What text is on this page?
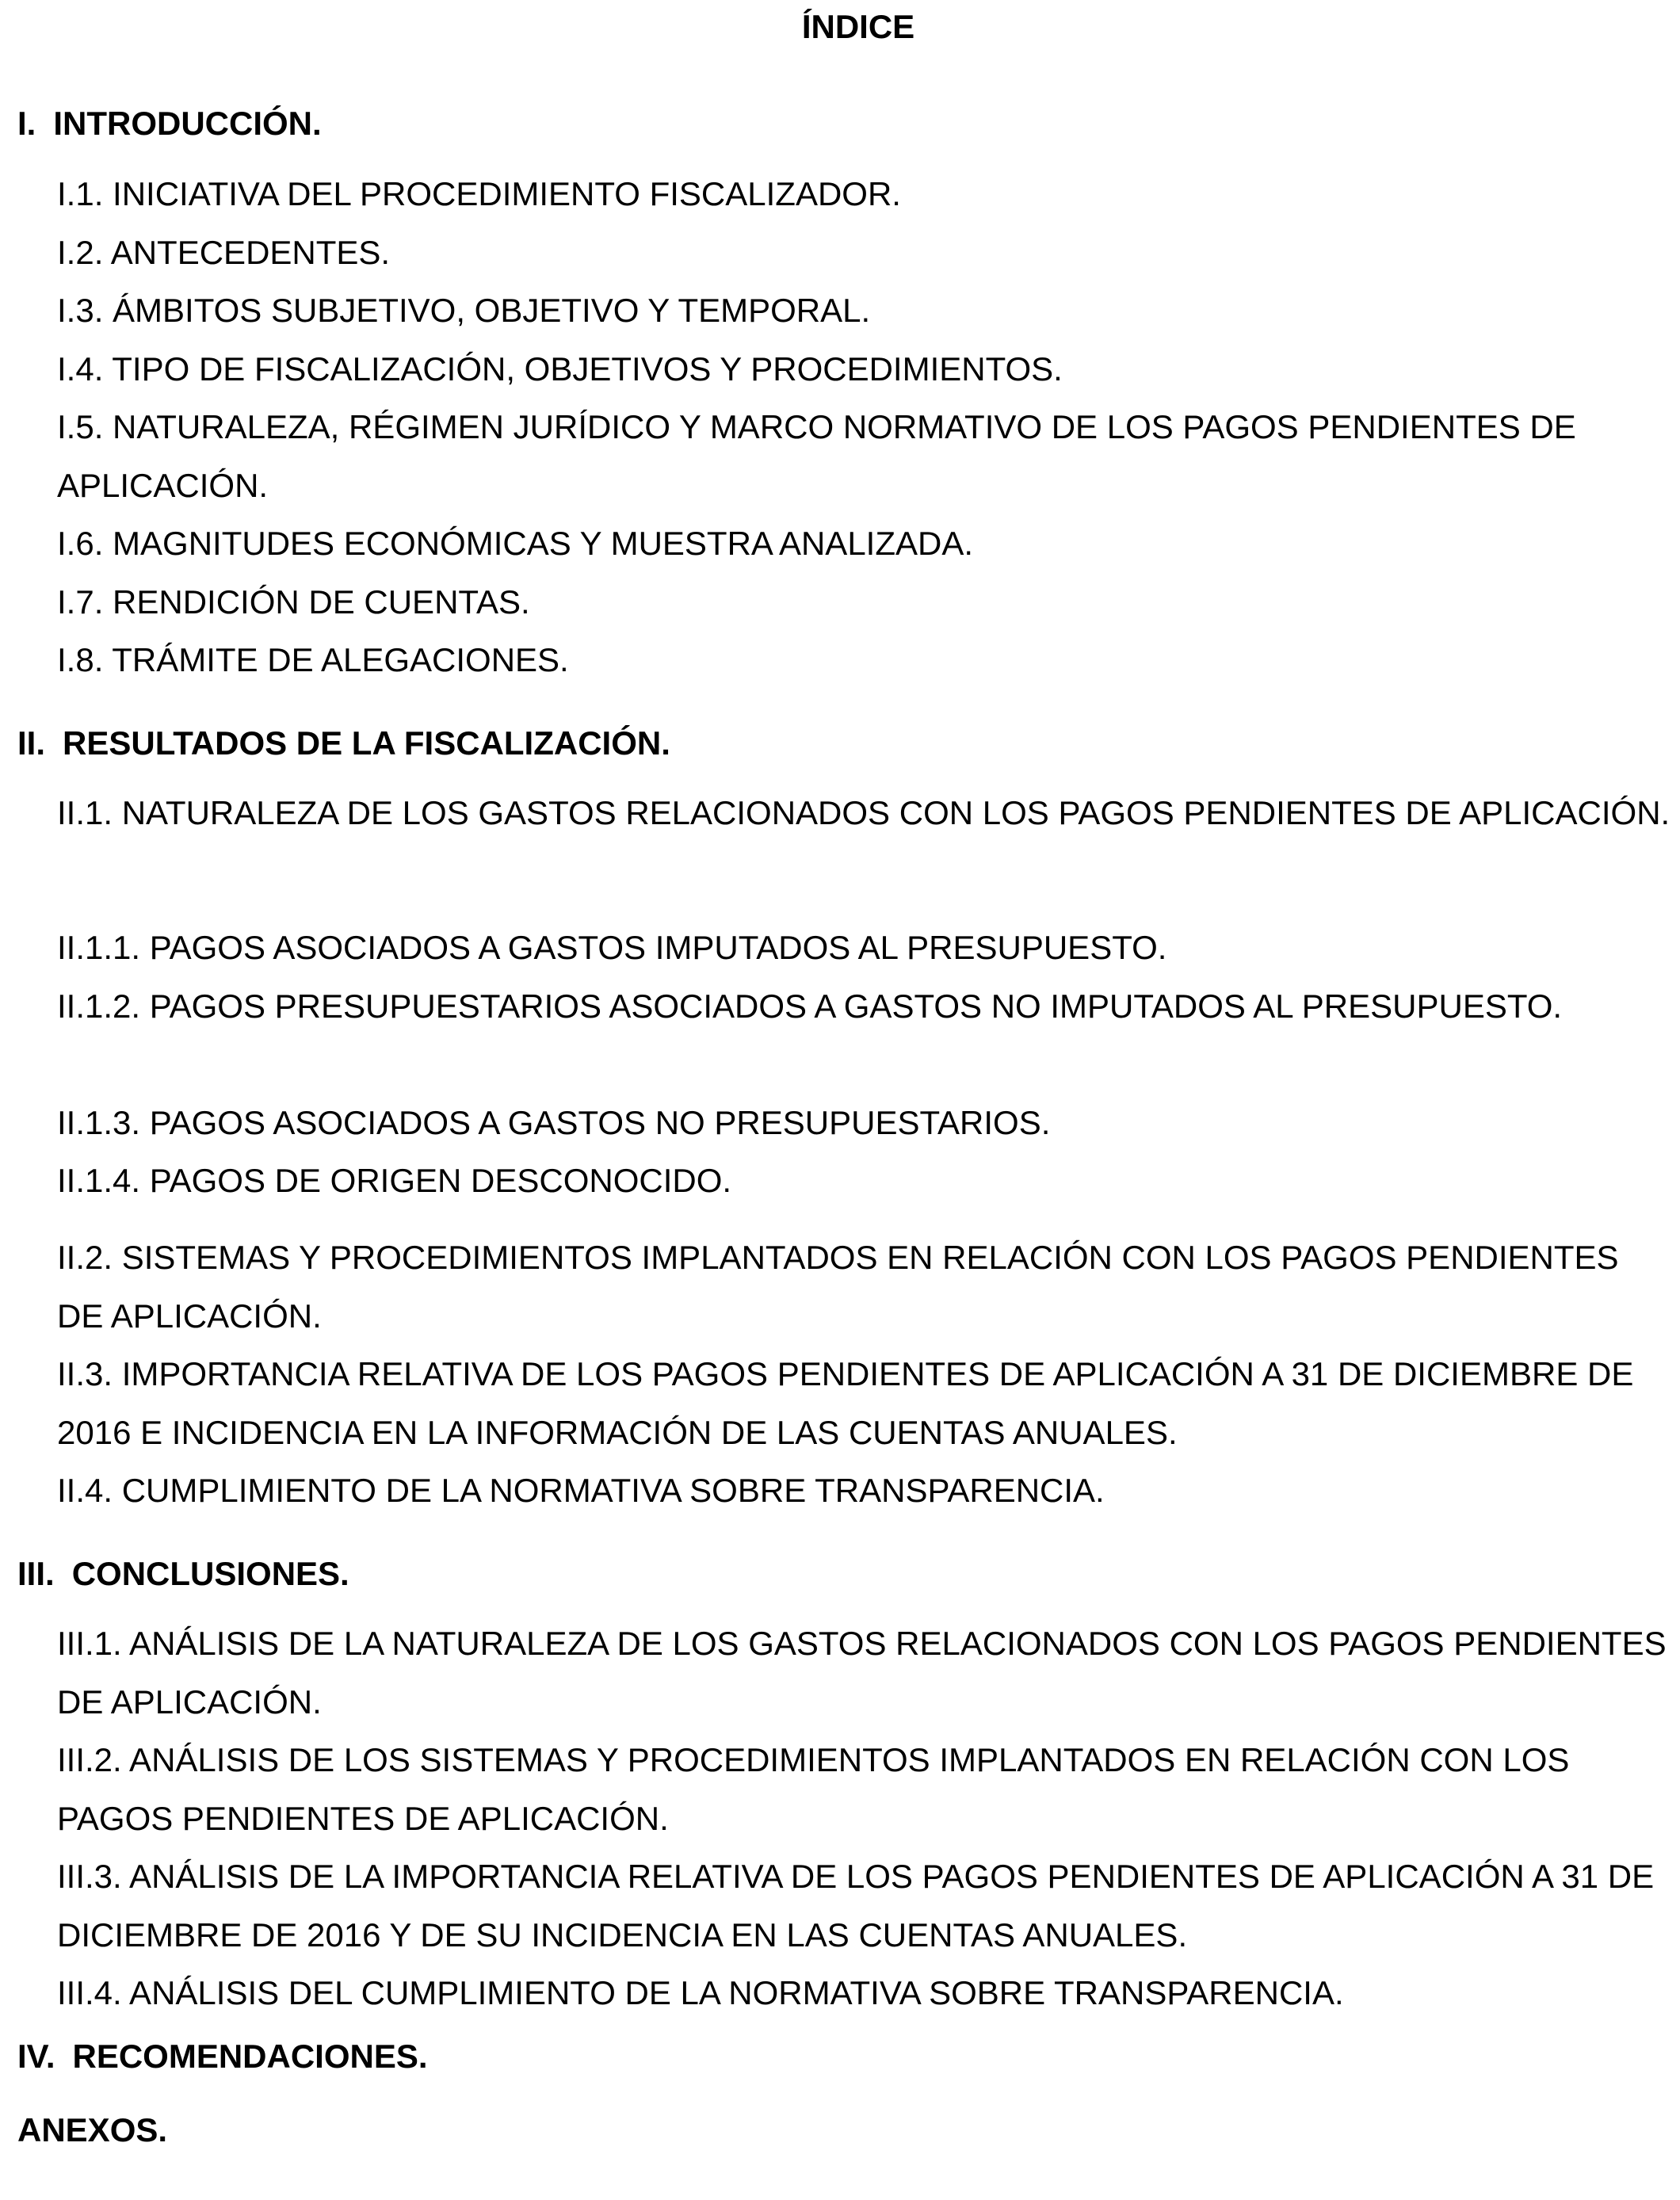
ÍNDICE
I. INTRODUCCIÓN.
I.1. INICIATIVA DEL PROCEDIMIENTO FISCALIZADOR.
I.2. ANTECEDENTES.
I.3. ÁMBITOS SUBJETIVO, OBJETIVO Y TEMPORAL.
I.4. TIPO DE FISCALIZACIÓN, OBJETIVOS Y PROCEDIMIENTOS.
I.5. NATURALEZA, RÉGIMEN JURÍDICO Y MARCO NORMATIVO DE LOS PAGOS PENDIENTES DE APLICACIÓN.
I.6. MAGNITUDES ECONÓMICAS Y MUESTRA ANALIZADA.
I.7. RENDICIÓN DE CUENTAS.
I.8. TRÁMITE DE ALEGACIONES.
II. RESULTADOS DE LA FISCALIZACIÓN.
II.1. NATURALEZA DE LOS GASTOS RELACIONADOS CON LOS PAGOS PENDIENTES DE APLICACIÓN.
II.1.1. PAGOS ASOCIADOS A GASTOS IMPUTADOS AL PRESUPUESTO.
II.1.2. PAGOS PRESUPUESTARIOS ASOCIADOS A GASTOS NO IMPUTADOS AL PRESUPUESTO.
II.1.3. PAGOS ASOCIADOS A GASTOS NO PRESUPUESTARIOS.
II.1.4. PAGOS DE ORIGEN DESCONOCIDO.
II.2. SISTEMAS Y PROCEDIMIENTOS IMPLANTADOS EN RELACIÓN CON LOS PAGOS PENDIENTES DE APLICACIÓN.
II.3. IMPORTANCIA RELATIVA DE LOS PAGOS PENDIENTES DE APLICACIÓN A 31 DE DICIEMBRE DE 2016 E INCIDENCIA EN LA INFORMACIÓN DE LAS CUENTAS ANUALES.
II.4. CUMPLIMIENTO DE LA NORMATIVA SOBRE TRANSPARENCIA.
III. CONCLUSIONES.
III.1. ANÁLISIS DE LA NATURALEZA DE LOS GASTOS RELACIONADOS CON LOS PAGOS PENDIENTES DE APLICACIÓN.
III.2. ANÁLISIS DE LOS SISTEMAS Y PROCEDIMIENTOS IMPLANTADOS EN RELACIÓN CON LOS PAGOS PENDIENTES DE APLICACIÓN.
III.3. ANÁLISIS DE LA IMPORTANCIA RELATIVA DE LOS PAGOS PENDIENTES DE APLICACIÓN A 31 DE DICIEMBRE DE 2016 Y DE SU INCIDENCIA EN LAS CUENTAS ANUALES.
III.4. ANÁLISIS DEL CUMPLIMIENTO DE LA NORMATIVA SOBRE TRANSPARENCIA.
IV. RECOMENDACIONES.
ANEXOS.
